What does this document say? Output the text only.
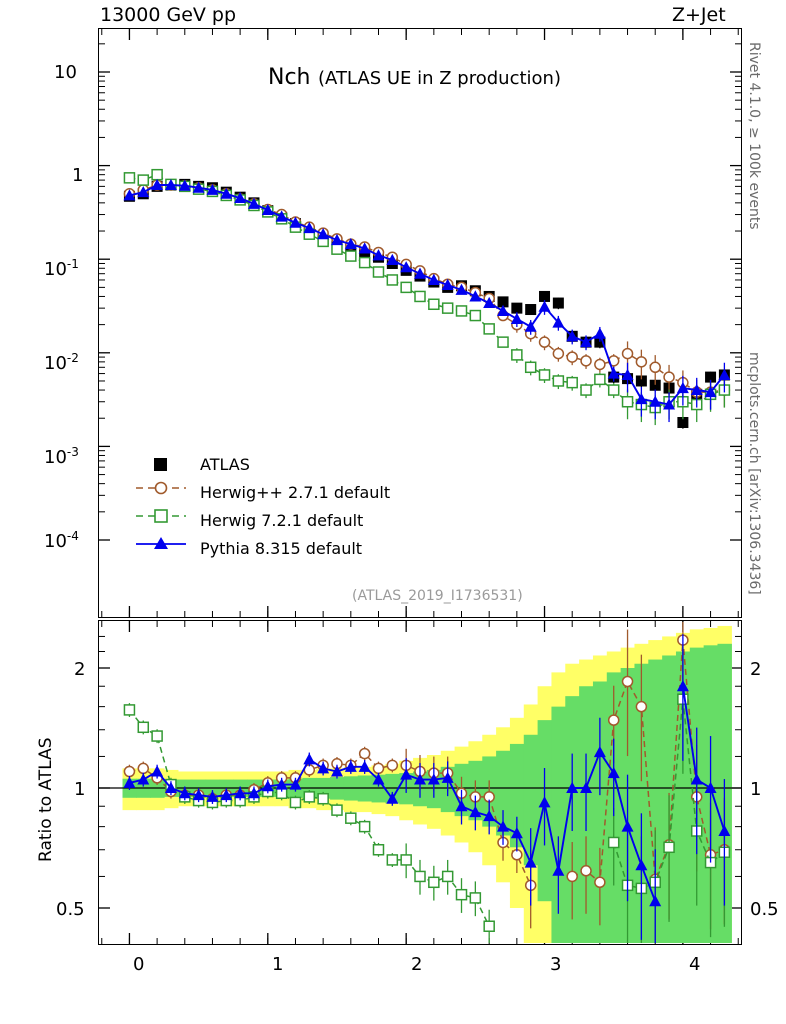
13000 GeV pp	Z+Jet
Nch (ATLAS UE in Z production)
10
1
$10^{-1}$
$10^{-2}$
$10^{-3}$
$10^{-4}$
(ATLAS_2019_I1736531)
Rivet 4.1.0, ≥ 100k events
mcplots.cern.ch [arXiv:1306.3436]
2
1
0.5
2
1
0.5
Ratio to ATLAS
0	1	2	3	4
ATLAS
Herwig++ 2.7.1 default
Herwig 7.2.1 default
Pythia 8.315 default
